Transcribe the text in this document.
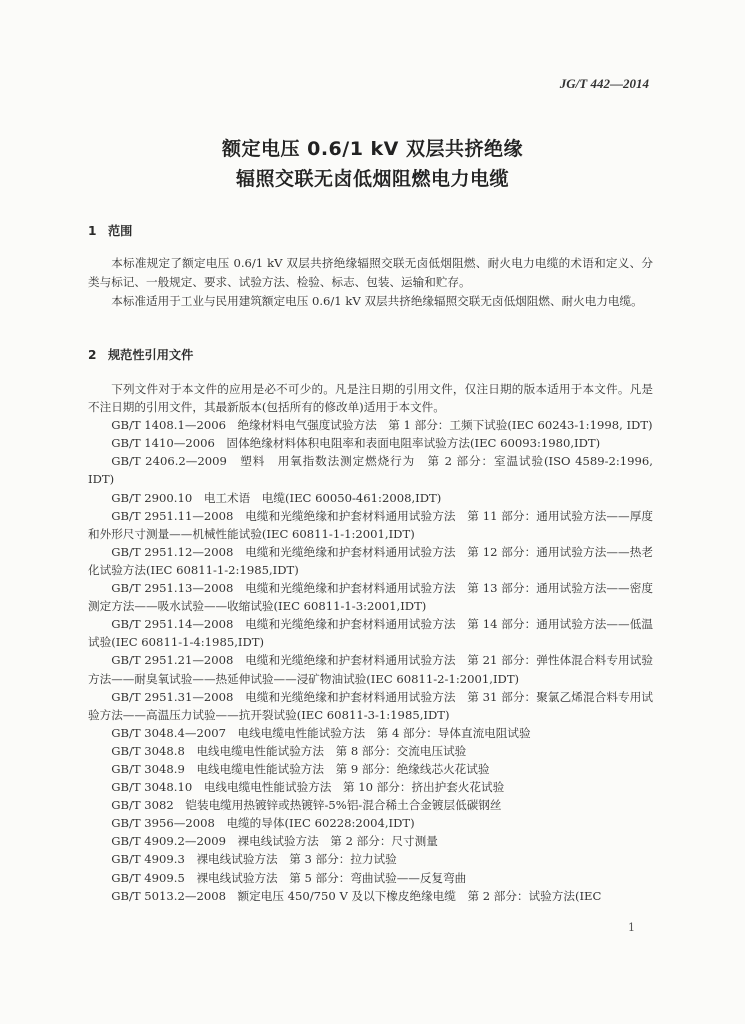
JG/T 442—2014
额定电压 0.6/1 kV 双层共挤绝缘
辐照交联无卤低烟阻燃电力电缆
1 范围

本标准规定了额定电压 0.6/1 kV 双层共挤绝缘辐照交联无卤低烟阻燃、耐火电力电缆的术语和定义、分类与标记、一般规定、要求、试验方法、检验、标志、包装、运输和贮存。

本标准适用于工业与民用建筑额定电压 0.6/1 kV 双层共挤绝缘辐照交联无卤低烟阻燃、耐火电力电缆。

2 规范性引用文件

下列文件对于本文件的应用是必不可少的。凡是注日期的引用文件，仅注日期的版本适用于本文件。凡是不注日期的引用文件，其最新版本(包括所有的修改单)适用于本文件。

GB/T 1408.1—2006　绝缘材料电气强度试验方法　第 1 部分：工频下试验(IEC 60243-1:1998, IDT)

GB/T 1410—2006　固体绝缘材料体积电阻率和表面电阻率试验方法(IEC 60093:1980,IDT)

GB/T 2406.2—2009　塑料　用氧指数法测定燃烧行为　第 2 部分：室温试验(ISO 4589-2:1996, IDT)

GB/T 2900.10　电工术语　电缆(IEC 60050-461:2008,IDT)

GB/T 2951.11—2008　电缆和光缆绝缘和护套材料通用试验方法　第 11 部分：通用试验方法——厚度和外形尺寸测量——机械性能试验(IEC 60811-1-1:2001,IDT)

GB/T 2951.12—2008　电缆和光缆绝缘和护套材料通用试验方法　第 12 部分：通用试验方法——热老化试验方法(IEC 60811-1-2:1985,IDT)

GB/T 2951.13—2008　电缆和光缆绝缘和护套材料通用试验方法　第 13 部分：通用试验方法——密度测定方法——吸水试验——收缩试验(IEC 60811-1-3:2001,IDT)

GB/T 2951.14—2008　电缆和光缆绝缘和护套材料通用试验方法　第 14 部分：通用试验方法——低温试验(IEC 60811-1-4:1985,IDT)

GB/T 2951.21—2008　电缆和光缆绝缘和护套材料通用试验方法　第 21 部分：弹性体混合料专用试验方法——耐臭氧试验——热延伸试验——浸矿物油试验(IEC 60811-2-1:2001,IDT)

GB/T 2951.31—2008　电缆和光缆绝缘和护套材料通用试验方法　第 31 部分：聚氯乙烯混合料专用试验方法——高温压力试验——抗开裂试验(IEC 60811-3-1:1985,IDT)

GB/T 3048.4—2007　电线电缆电性能试验方法　第 4 部分：导体直流电阻试验

GB/T 3048.8　电线电缆电性能试验方法　第 8 部分：交流电压试验

GB/T 3048.9　电线电缆电性能试验方法　第 9 部分：绝缘线芯火花试验

GB/T 3048.10　电线电缆电性能试验方法　第 10 部分：挤出护套火花试验

GB/T 3082　铠装电缆用热镀锌或热镀锌-5%铝-混合稀土合金镀层低碳钢丝

GB/T 3956—2008　电缆的导体(IEC 60228:2004,IDT)

GB/T 4909.2—2009　裸电线试验方法　第 2 部分：尺寸测量

GB/T 4909.3　裸电线试验方法　第 3 部分：拉力试验

GB/T 4909.5　裸电线试验方法　第 5 部分：弯曲试验——反复弯曲

GB/T 5013.2—2008　额定电压 450/750 V 及以下橡皮绝缘电缆　第 2 部分：试验方法(IEC

1
